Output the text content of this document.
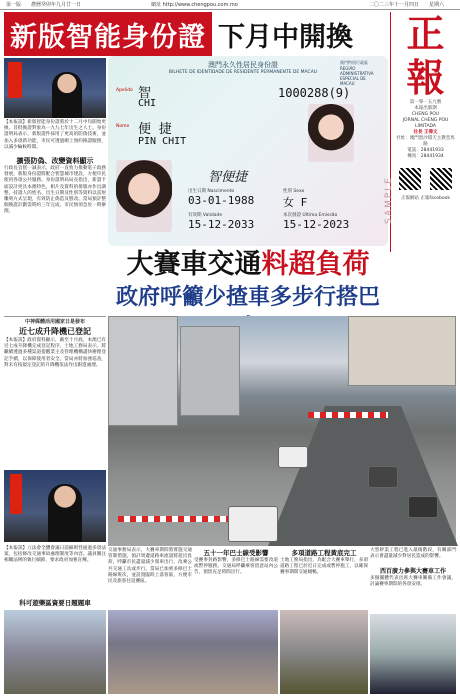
第一版 農曆癸卯年九月廿一日	網址 http://www.chengpou.com.mo	二〇二三年十一月四日 星期六
新版智能身份證 下月中開換	正報
第一零一五九號
本報出版期
CHENG POU
JORNAL CHENG POU LIMITADA
社長 王偉文
社址：澳門黑沙環天主教堂馬路
電話：28441933
傳真：28441934

正報網站 正報facebook
澳門永久性居民身份證
BILHETE DE IDENTIDADE DE RESIDENTE PERMANENTE DE MACAU
澳門特別行政區 REGIÃO ADMINISTRATIVA ESPECIAL DE MACAU
Apelido 智
CHI
Nome 便 捷
PIN CHIT
1000288(9)
智便捷
出生日期 Nascimento
03-01-1988
性別 Sexo
女 F
有效期 Validade
15-12-2033
本次發證 Última Emissão
15-12-2023
SAMPLE
【本報訊】新版智能身份證將於十二月中旬開始更換，首批換證對象為一九九七年出生之人士。身份證明局表示，新版證件採用了更高的防偽技術，並加入多項新功能，市民可透過網上預約換證服務，以減少輪候時間。
擴張防偽、改變資料顯示
行政長官賀一誠表示，政府一直致力推動電子政務發展，新版身份證將配合智慧城市建設，方便市民使用各項公共服務。身份證明局局長指出，新證卡面設計更具本澳特色，相片及資料的排版亦作出調整，持證人的姓名、出生日期及性別等資料以雷射雕刻方式呈現，有效防止偽造及篡改。當局預計整個換證計劃需時約三年完成，市民無須急於一時辦理。
大賽車交通料超負荷
政府呼籲少揸車多步行搭巴
中神媒體活用國家日是發布
近七成升降機已登記
【本報訊】政府資料顯示，截至十月底，本澳已有近七成升降機完成登記程序。土地工務局表示，將繼續透過多種渠道提醒業主及管理機構盡快辦理登記手續，以保障使用者安全。當局亦將加強巡查，對未有按規定登記的升降機依法作出跟進處理。
【本報訊】立法會全體會議日前細則性通過多項法案，包括修改交通事故處理制度等內容。議員關注相關法例的執行細節，要求政府加強宣傳。
科可遊樂區資要日題題車
交通事務局表示，大賽車期間將實施交通管制措施，預計周邊道路車流量將超出負荷，呼籲市民盡量減少駕車出行，改乘公共交通工具或步行。當局已加密多條巴士路線班次，並設置臨時上落客區，方便市民及旅客往返賽區。
五十一年巴士線受影響
受賽事封路影響，多條巴士路線需要改道或暫停服務。交通局呼籲乘客留意站內公告，預留充足時間出行。
多項道路工程黃底完工
土地工務局指出，為配合大賽車舉行，多項道路工程已於近日完成或暫停施工，以確保賽事期間交通順暢。
大型幹渠工程已進入最後階段，有關部門表示會盡量減少對居民造成的影響。
西百廣力參與大賽車工作
多個團體代表出席大賽車籌備工作會議，討論賽事期間的各項安排。
